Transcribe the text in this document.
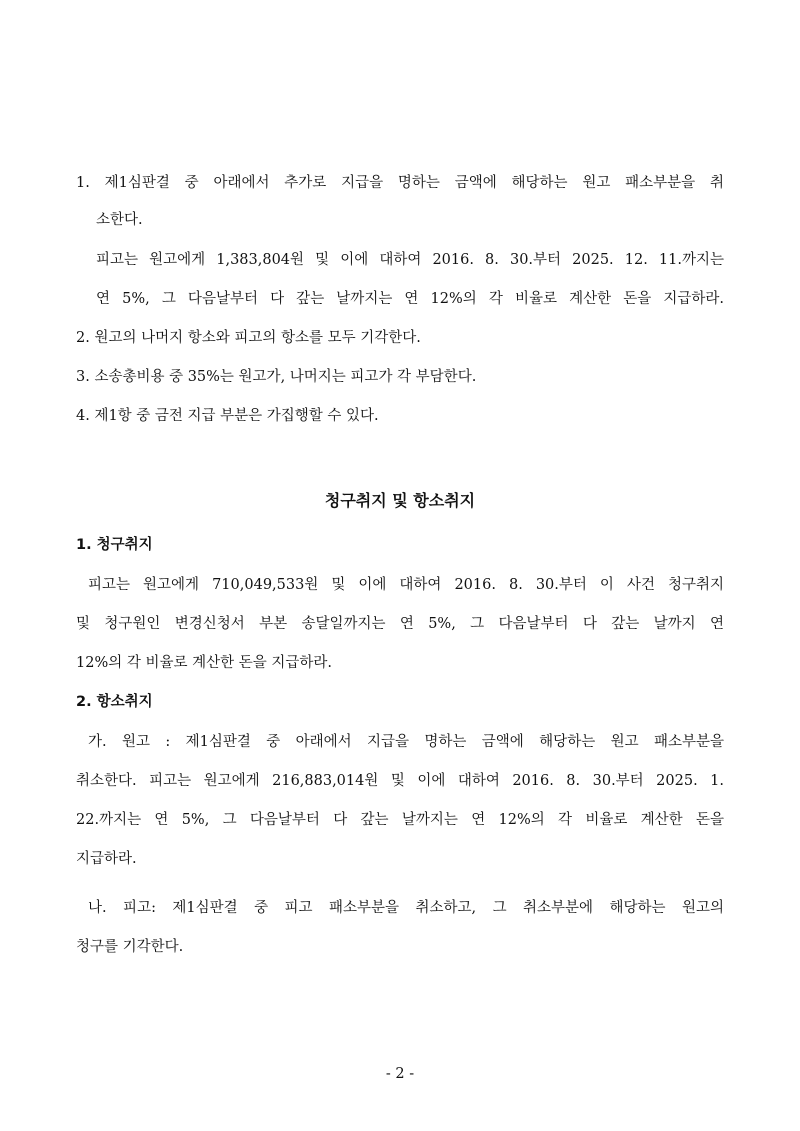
1. 제1심판결 중 아래에서 추가로 지급을 명하는 금액에 해당하는 원고 패소부분을 취
소한다.
피고는 원고에게 1,383,804원 및 이에 대하여 2016. 8. 30.부터 2025. 12. 11.까지는
연 5%, 그 다음날부터 다 갚는 날까지는 연 12%의 각 비율로 계산한 돈을 지급하라.
2. 원고의 나머지 항소와 피고의 항소를 모두 기각한다.
3. 소송총비용 중 35%는 원고가, 나머지는 피고가 각 부담한다.
4. 제1항 중 금전 지급 부분은 가집행할 수 있다.
청구취지 및 항소취지
1. 청구취지
피고는 원고에게 710,049,533원 및 이에 대하여 2016. 8. 30.부터 이 사건 청구취지
및 청구원인 변경신청서 부본 송달일까지는 연 5%, 그 다음날부터 다 갚는 날까지 연
12%의 각 비율로 계산한 돈을 지급하라.
2. 항소취지
가. 원고 : 제1심판결 중 아래에서 지급을 명하는 금액에 해당하는 원고 패소부분을
취소한다. 피고는 원고에게 216,883,014원 및 이에 대하여 2016. 8. 30.부터 2025. 1.
22.까지는 연 5%, 그 다음날부터 다 갚는 날까지는 연 12%의 각 비율로 계산한 돈을
지급하라.
나. 피고: 제1심판결 중 피고 패소부분을 취소하고, 그 취소부분에 해당하는 원고의
청구를 기각한다.
- 2 -
